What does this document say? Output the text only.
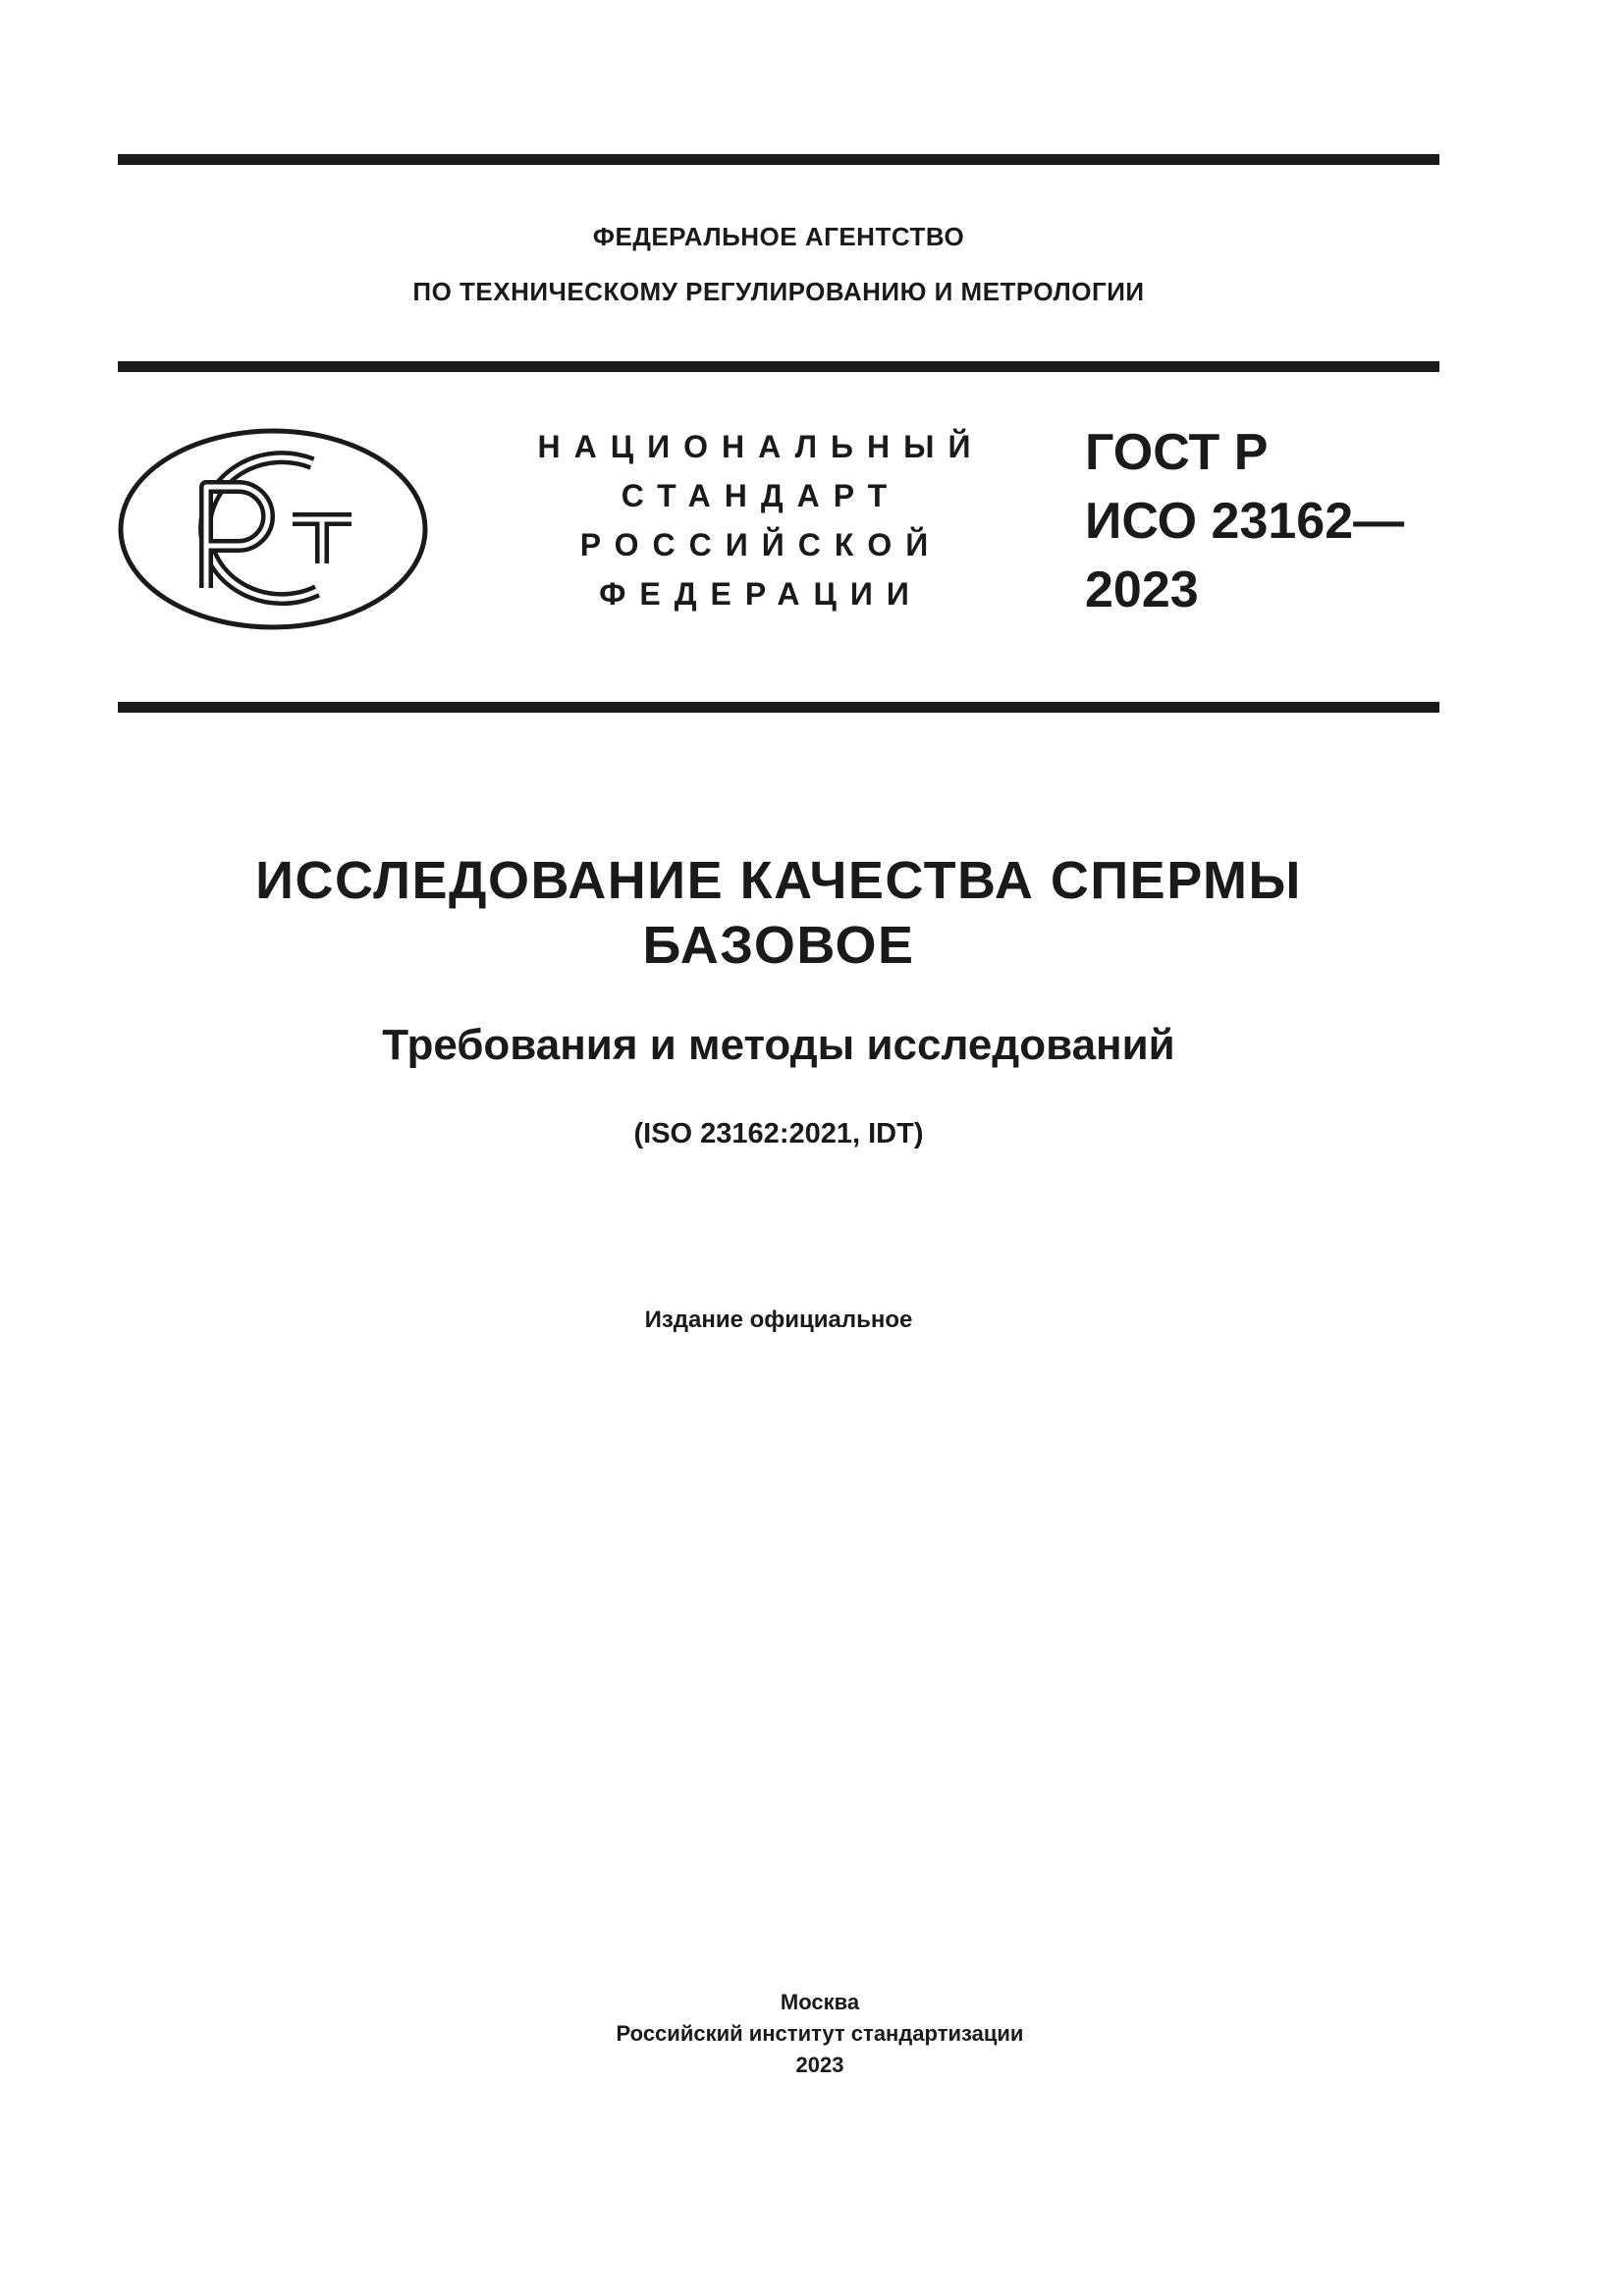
ФЕДЕРАЛЬНОЕ АГЕНТСТВО
ПО ТЕХНИЧЕСКОМУ РЕГУЛИРОВАНИЮ И МЕТРОЛОГИИ
НАЦИОНАЛЬНЫЙ
СТАНДАРТ
РОССИЙСКОЙ
ФЕДЕРАЦИИ
ГОСТ Р
ИСО 23162—
2023
ИССЛЕДОВАНИЕ КАЧЕСТВА СПЕРМЫ
БАЗОВОЕ
Требования и методы исследований
(ISO 23162:2021, IDT)
Издание официальное
Москва
Российский институт стандартизации
2023
